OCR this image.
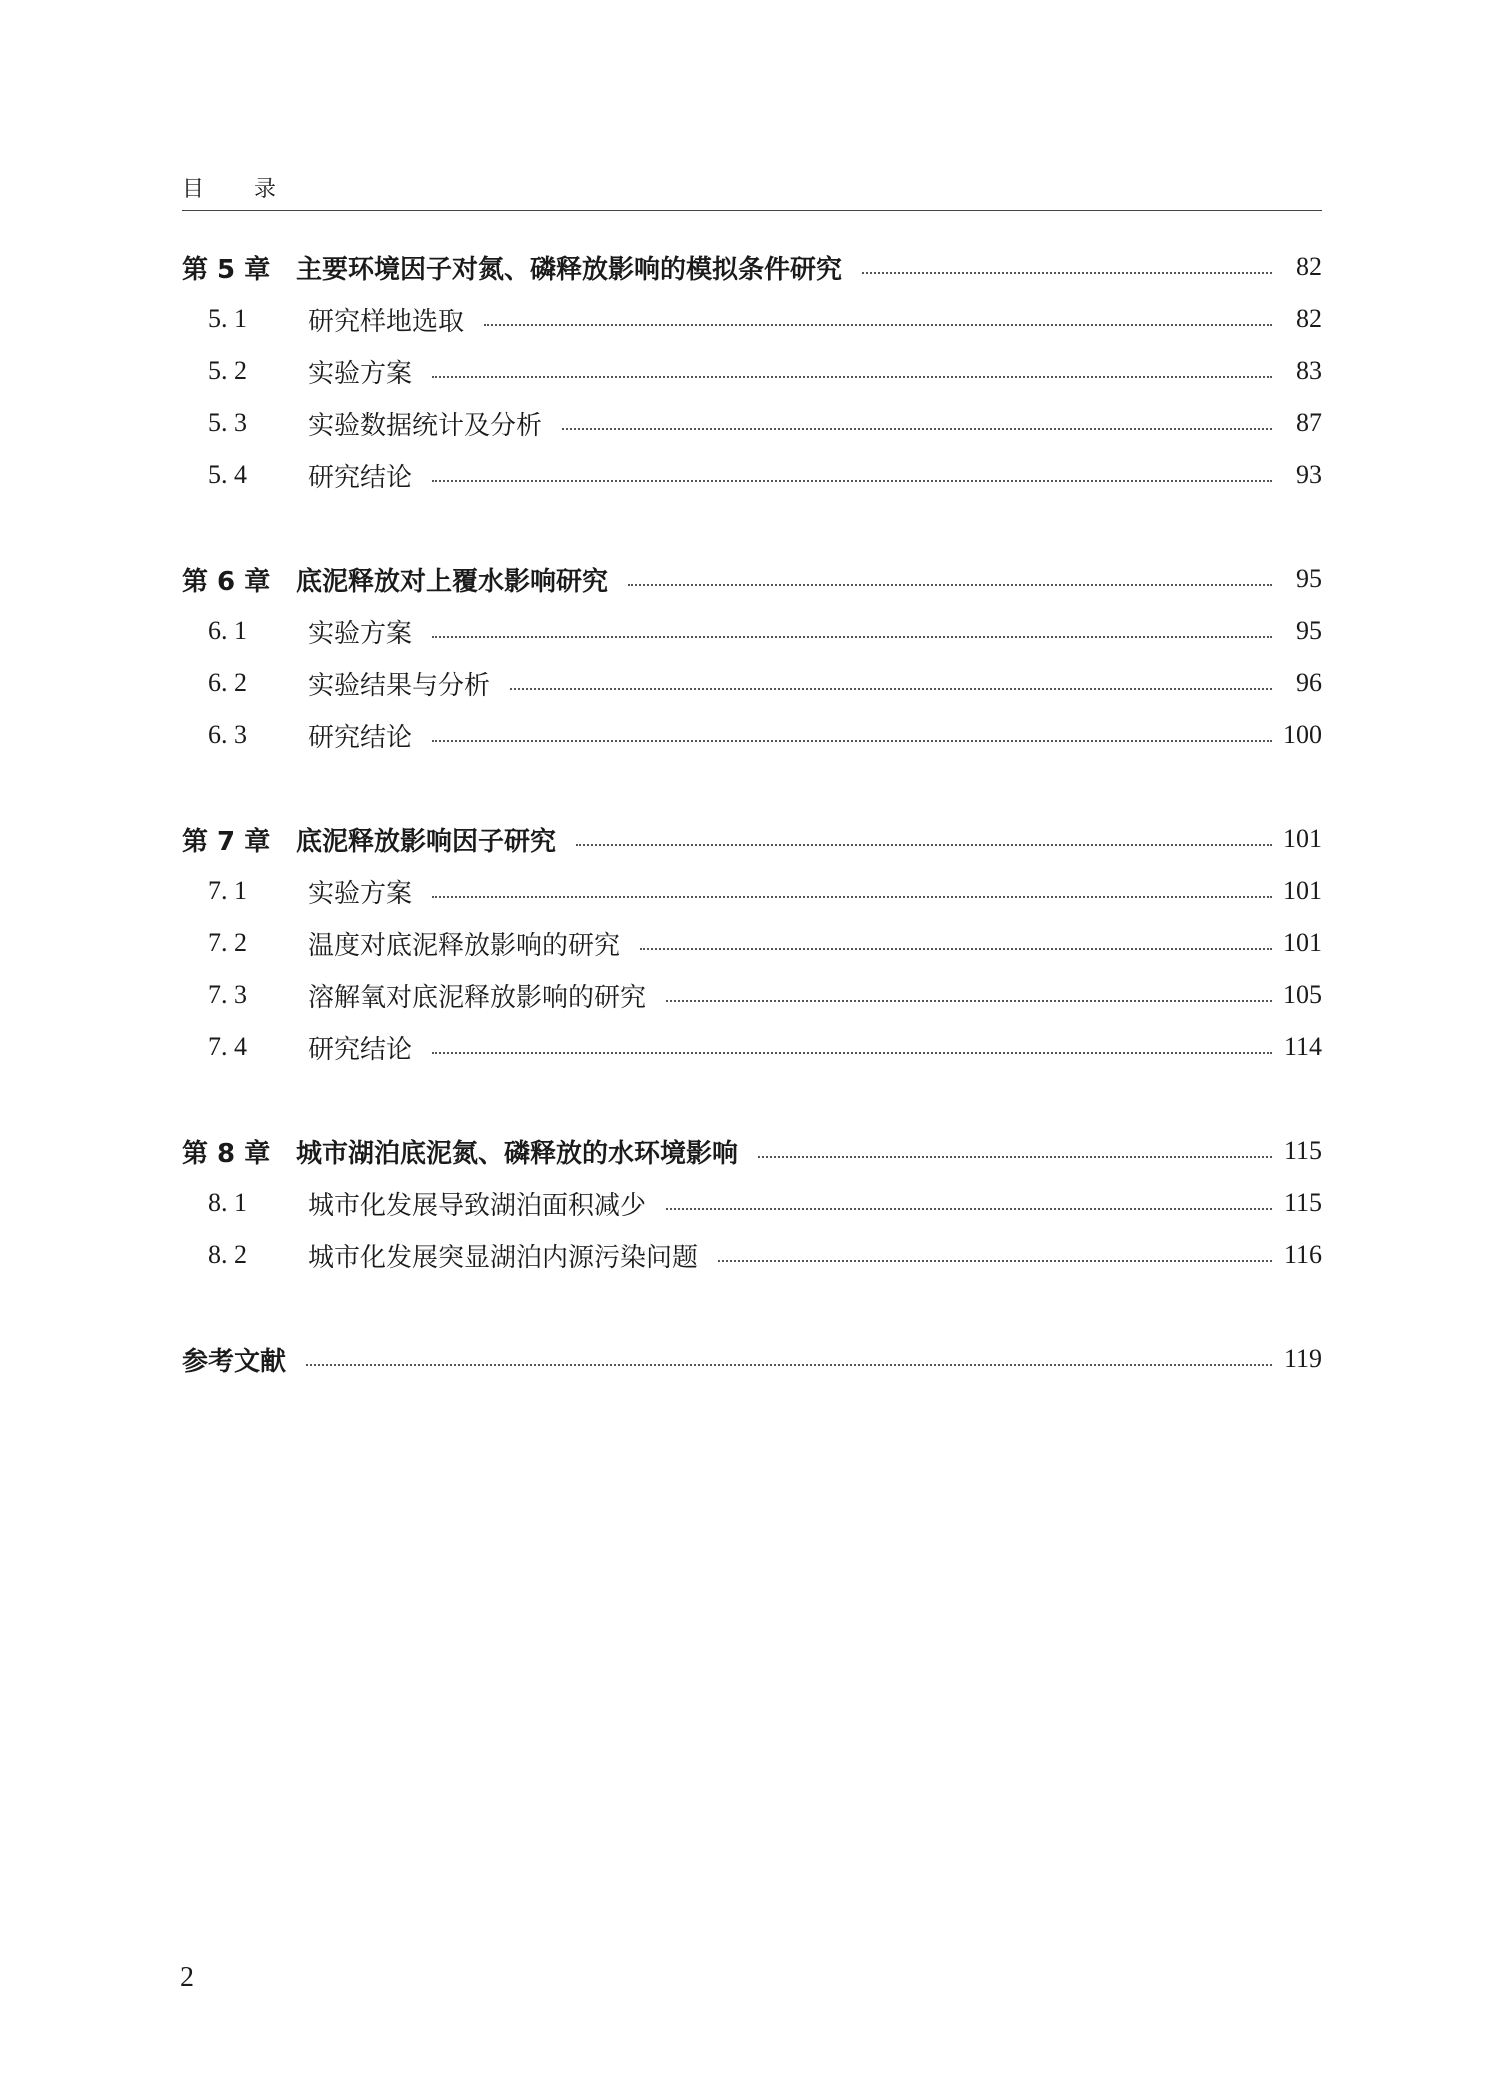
目 录
第 5 章 主要环境因子对氮、磷释放影响的模拟条件研究	82
5. 1	研究样地选取	82
5. 2	实验方案	83
5. 3	实验数据统计及分析	87
5. 4	研究结论	93
第 6 章 底泥释放对上覆水影响研究	95
6. 1	实验方案	95
6. 2	实验结果与分析	96
6. 3	研究结论	100
第 7 章 底泥释放影响因子研究	101
7. 1	实验方案	101
7. 2	温度对底泥释放影响的研究	101
7. 3	溶解氧对底泥释放影响的研究	105
7. 4	研究结论	114
第 8 章 城市湖泊底泥氮、磷释放的水环境影响	115
8. 1	城市化发展导致湖泊面积减少	115
8. 2	城市化发展突显湖泊内源污染问题	116
参考文献	119
2
